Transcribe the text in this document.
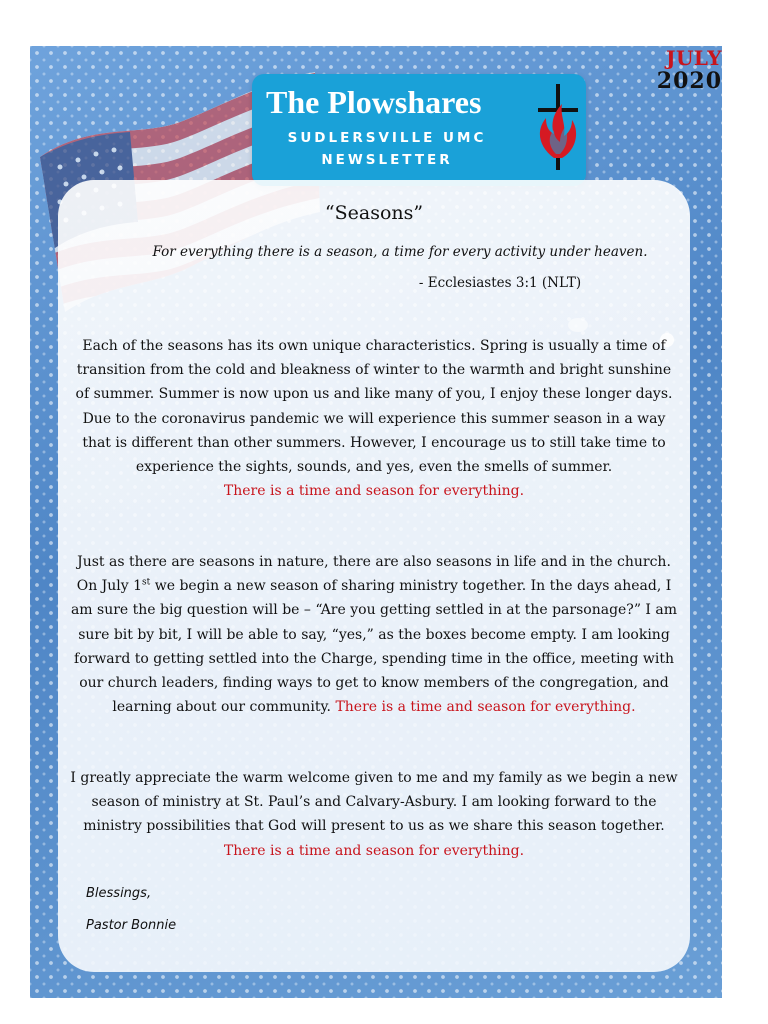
JULY
2020
The Plowshares
SUDLERSVILLE UMC
NEWSLETTER
“Seasons”
For everything there is a season, a time for every activity under heaven.
- Ecclesiastes 3:1 (NLT)
Each of the seasons has its own unique characteristics. Spring is usually a time of transition from the cold and bleakness of winter to the warmth and bright sunshine of summer. Summer is now upon us and like many of you, I enjoy these longer days. Due to the coronavirus pandemic we will experience this summer season in a way that is different than other summers. However, I encourage us to still take time to experience the sights, sounds, and yes, even the smells of summer.
There is a time and season for everything.
Just as there are seasons in nature, there are also seasons in life and in the church. On July 1st we begin a new season of sharing ministry together. In the days ahead, I am sure the big question will be – “Are you getting settled in at the parsonage?” I am sure bit by bit, I will be able to say, “yes,” as the boxes become empty. I am looking forward to getting settled into the Charge, spending time in the office, meeting with our church leaders, finding ways to get to know members of the congregation, and learning about our community. There is a time and season for everything.
I greatly appreciate the warm welcome given to me and my family as we begin a new season of ministry at St. Paul’s and Calvary-Asbury. I am looking forward to the ministry possibilities that God will present to us as we share this season together. There is a time and season for everything.
Blessings,
Pastor Bonnie
